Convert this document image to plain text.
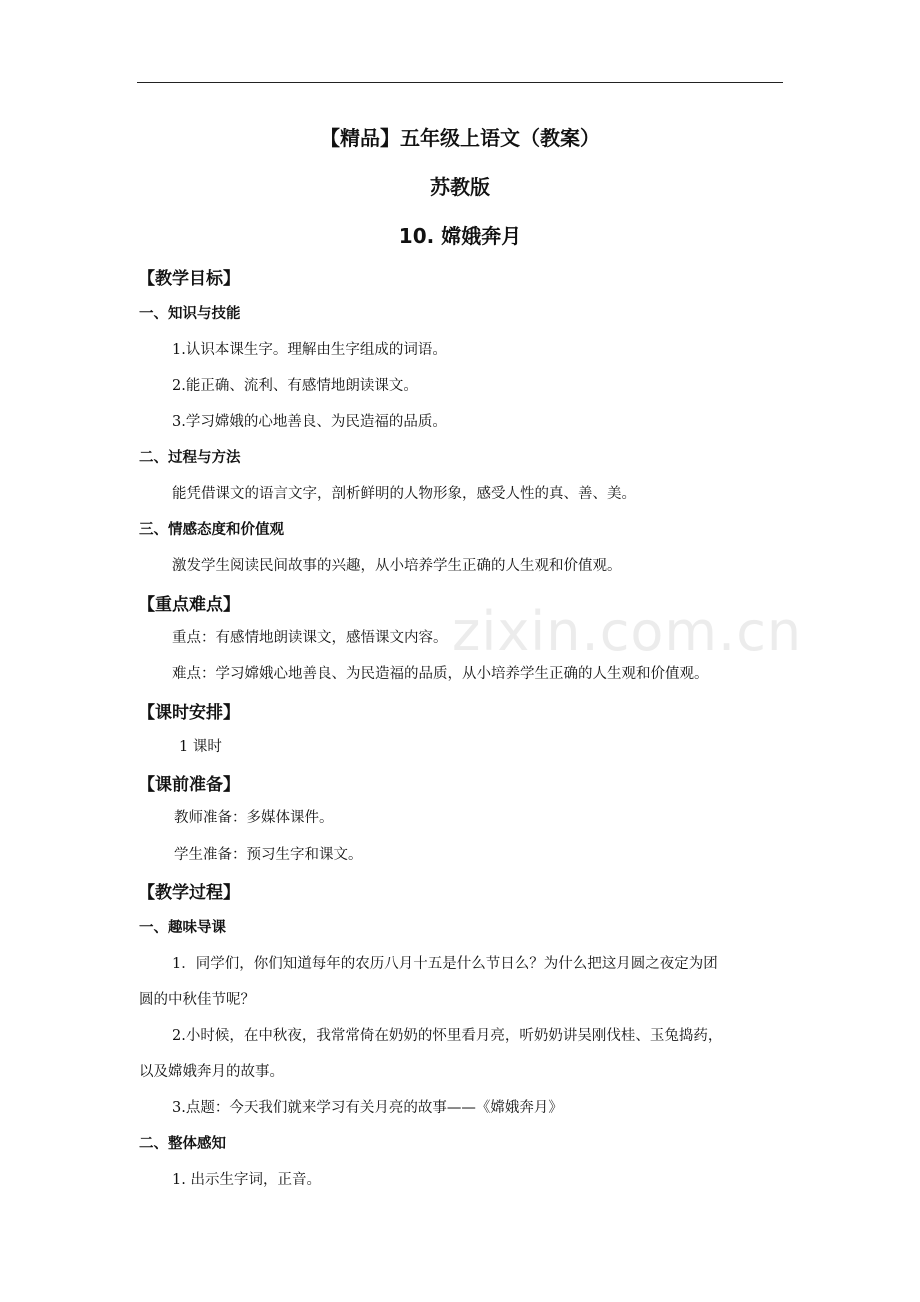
zixin.com.cn
【精品】五年级上语文（教案）
苏教版
10. 嫦娥奔月
【教学目标】
一、知识与技能
1.认识本课生字。理解由生字组成的词语。
2.能正确、流利、有感情地朗读课文。
3.学习嫦娥的心地善良、为民造福的品质。
二、过程与方法
能凭借课文的语言文字，剖析鲜明的人物形象，感受人性的真、善、美。
三、情感态度和价值观
激发学生阅读民间故事的兴趣，从小培养学生正确的人生观和价值观。
【重点难点】
重点：有感情地朗读课文，感悟课文内容。
难点：学习嫦娥心地善良、为民造福的品质，从小培养学生正确的人生观和价值观。
【课时安排】
1 课时
【课前准备】
教师准备：多媒体课件。
学生准备：预习生字和课文。
【教学过程】
一、趣味导课
1．同学们，你们知道每年的农历八月十五是什么节日么？为什么把这月圆之夜定为团
圆的中秋佳节呢？
2.小时候，在中秋夜，我常常倚在奶奶的怀里看月亮，听奶奶讲吴刚伐桂、玉兔捣药，
以及嫦娥奔月的故事。
3.点题：今天我们就来学习有关月亮的故事——《嫦娥奔月》
二、整体感知
1. 出示生字词，正音。
